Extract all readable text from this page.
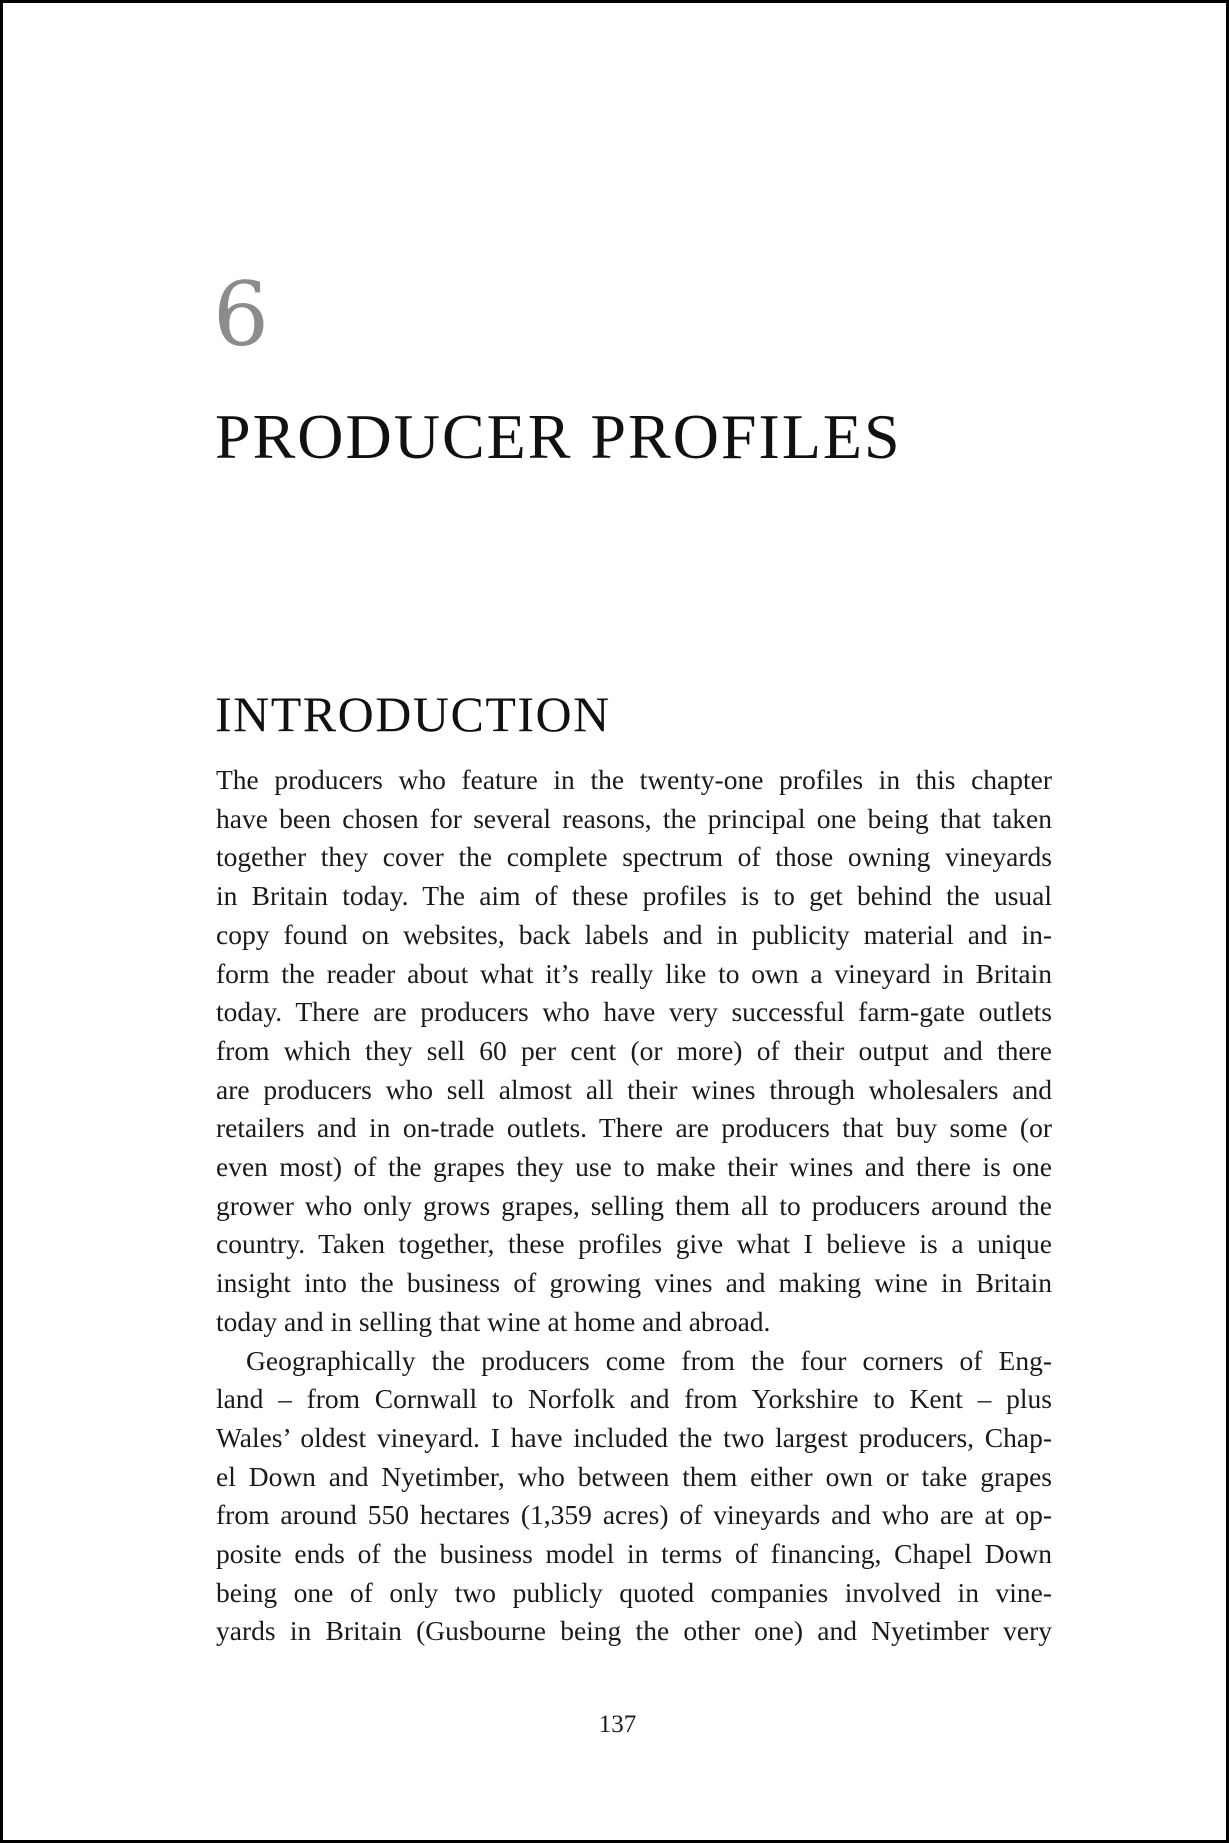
6
PRODUCER PROFILES
INTRODUCTION

The producers who feature in the twenty-one profiles in this chapter
have been chosen for several reasons, the principal one being that taken
together they cover the complete spectrum of those owning vineyards
in Britain today. The aim of these profiles is to get behind the usual
copy found on websites, back labels and in publicity material and in-
form the reader about what it’s really like to own a vineyard in Britain
today. There are producers who have very successful farm-gate outlets
from which they sell 60 per cent (or more) of their output and there
are producers who sell almost all their wines through wholesalers and
retailers and in on-trade outlets. There are producers that buy some (or
even most) of the grapes they use to make their wines and there is one
grower who only grows grapes, selling them all to producers around the
country. Taken together, these profiles give what I believe is a unique
insight into the business of growing vines and making wine in Britain
today and in selling that wine at home and abroad.

Geographically the producers come from the four corners of Eng-
land – from Cornwall to Norfolk and from Yorkshire to Kent – plus
Wales’ oldest vineyard. I have included the two largest producers, Chap-
el Down and Nyetimber, who between them either own or take grapes
from around 550 hectares (1,359 acres) of vineyards and who are at op-
posite ends of the business model in terms of financing, Chapel Down
being one of only two publicly quoted companies involved in vine-
yards in Britain (Gusbourne being the other one) and Nyetimber very

137
